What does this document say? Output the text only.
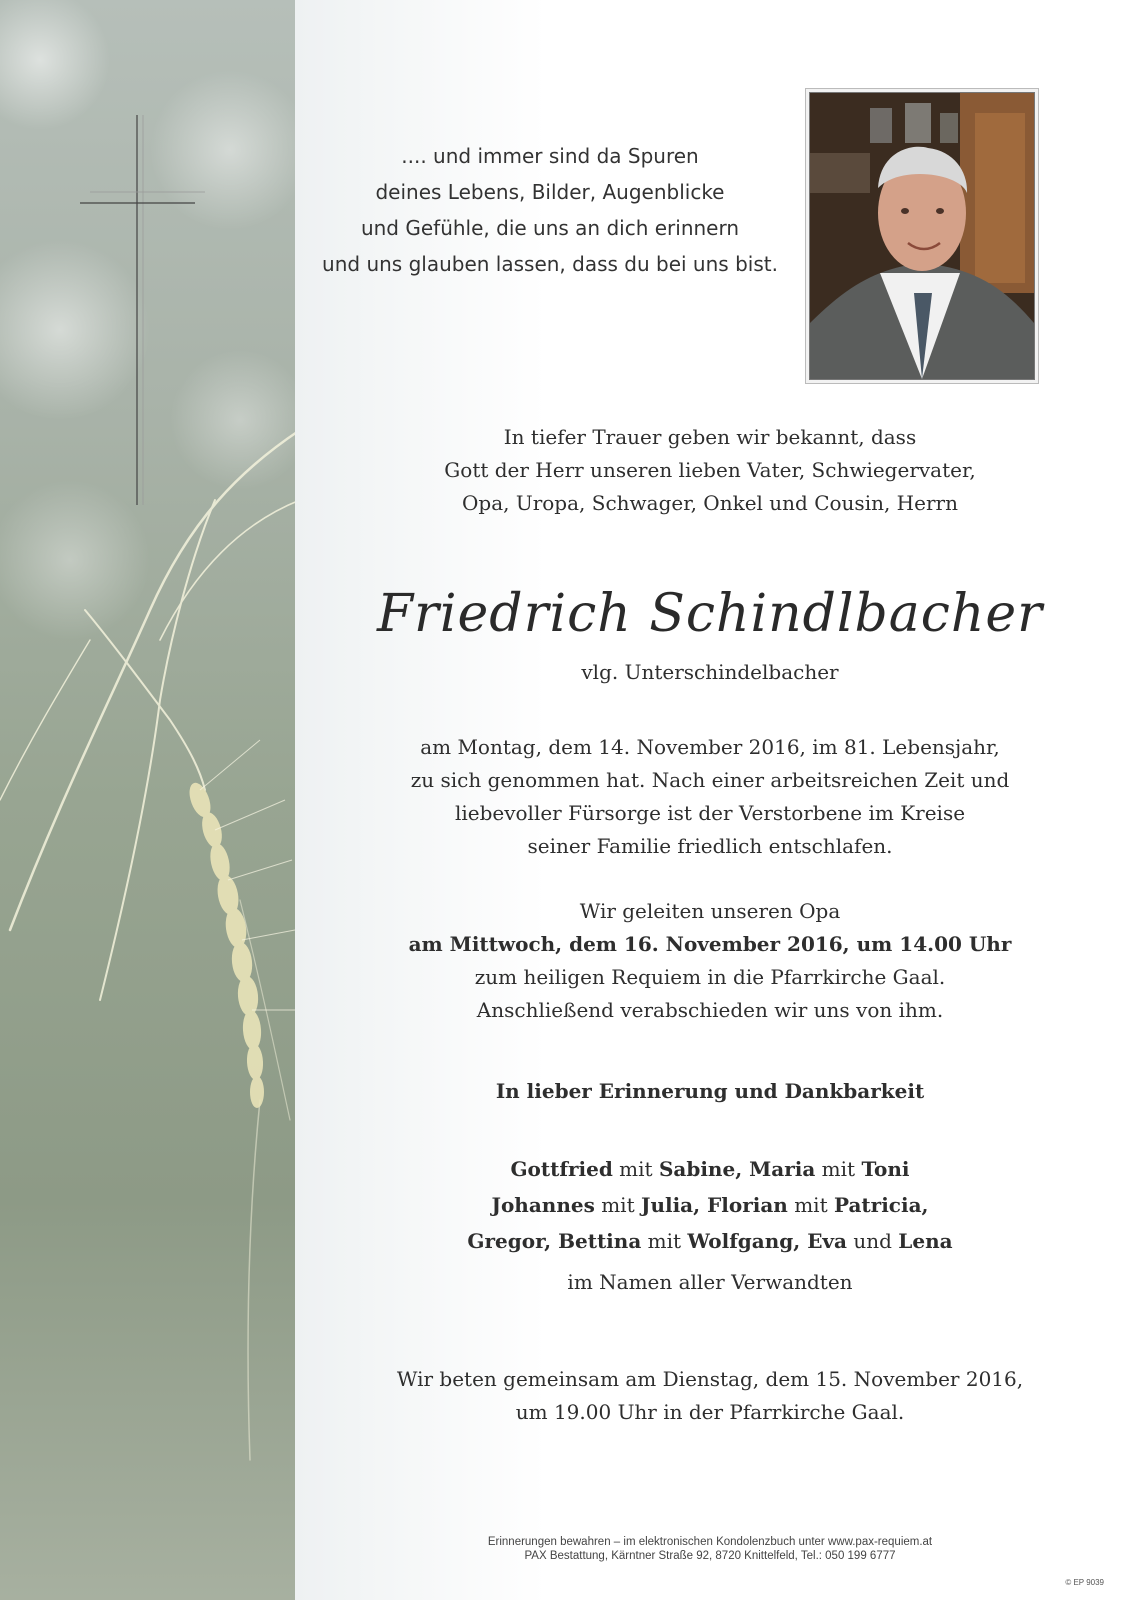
.... und immer sind da Spuren
deines Lebens, Bilder, Augenblicke
und Gefühle, die uns an dich erinnern
und uns glauben lassen, dass du bei uns bist.
In tiefer Trauer geben wir bekannt, dass
Gott der Herr unseren lieben Vater, Schwiegervater,
Opa, Uropa, Schwager, Onkel und Cousin, Herrn
Friedrich Schindlbacher
vlg. Unterschindelbacher
am Montag, dem 14. November 2016, im 81. Lebensjahr,
zu sich genommen hat. Nach einer arbeitsreichen Zeit und
liebevoller Fürsorge ist der Verstorbene im Kreise
seiner Familie friedlich entschlafen.
Wir geleiten unseren Opa
am Mittwoch, dem 16. November 2016, um 14.00 Uhr
zum heiligen Requiem in die Pfarrkirche Gaal.
Anschließend verabschieden wir uns von ihm.
In lieber Erinnerung und Dankbarkeit
Gottfried mit Sabine, Maria mit Toni
Johannes mit Julia, Florian mit Patricia,
Gregor, Bettina mit Wolfgang, Eva und Lena
im Namen aller Verwandten
Wir beten gemeinsam am Dienstag, dem 15. November 2016,
um 19.00 Uhr in der Pfarrkirche Gaal.
Erinnerungen bewahren – im elektronischen Kondolenzbuch unter www.pax-requiem.at
PAX Bestattung, Kärntner Straße 92, 8720 Knittelfeld, Tel.: 050 199 6777
© EP 9039
